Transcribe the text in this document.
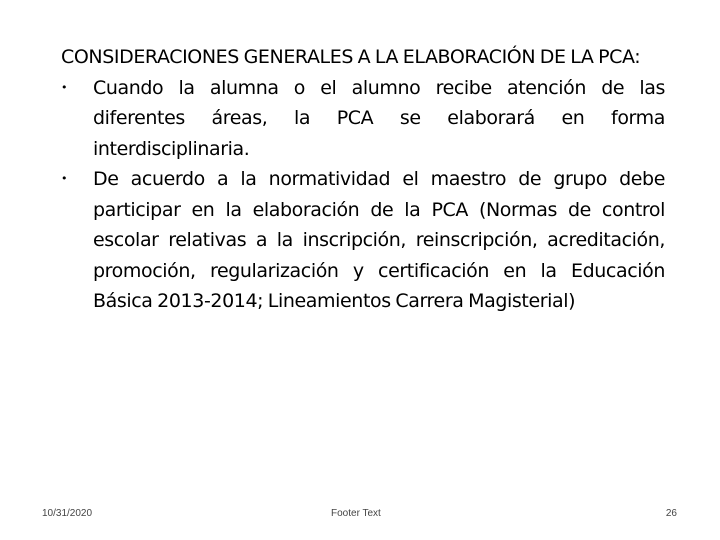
CONSIDERACIONES GENERALES A LA ELABORACIÓN DE LA PCA:

• Cuando la alumna o el alumno recibe atención de las diferentes áreas, la PCA se elaborará en forma interdisciplinaria.
• De acuerdo a la normatividad el maestro de grupo debe participar en la elaboración de la PCA (Normas de control escolar relativas a la inscripción, reinscripción, acreditación, promoción, regularización y certificación en la Educación Básica 2013-2014; Lineamientos Carrera Magisterial)
10/31/2020	Footer Text	26
